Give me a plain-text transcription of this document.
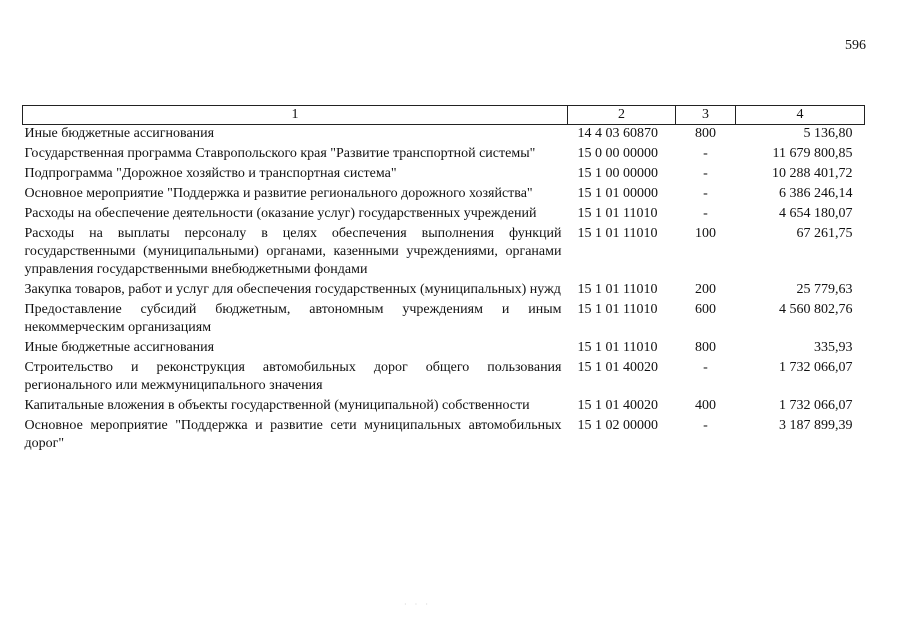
596
1	2	3	4
Иные бюджетные ассигнования	14 4 03 60870	800	5 136,80
Государственная программа Ставропольского края "Развитие транспортной системы"	15 0 00 00000	-	11 679 800,85
Подпрограмма "Дорожное хозяйство и транспортная система"	15 1 00 00000	-	10 288 401,72
Основное мероприятие "Поддержка и развитие регионального дорожного хозяйства"	15 1 01 00000	-	6 386 246,14
Расходы на обеспечение деятельности (оказание услуг) государственных учреждений	15 1 01 11010	-	4 654 180,07
Расходы на выплаты персоналу в целях обеспечения выполнения функций государственными (муниципальными) органами, казенными учреждениями, органами управления государственными внебюджетными фондами	15 1 01 11010	100	67 261,75
Закупка товаров, работ и услуг для обеспечения государственных (муниципальных) нужд	15 1 01 11010	200	25 779,63
Предоставление субсидий бюджетным, автономным учреждениям и иным некоммерческим организациям	15 1 01 11010	600	4 560 802,76
Иные бюджетные ассигнования	15 1 01 11010	800	335,93
Строительство и реконструкция автомобильных дорог общего пользования регионального или межмуниципального значения	15 1 01 40020	-	1 732 066,07
Капитальные вложения в объекты государственной (муниципальной) собственности	15 1 01 40020	400	1 732 066,07
Основное мероприятие "Поддержка и развитие сети муниципальных автомобильных дорог"	15 1 02 00000	-	3 187 899,39
· · ·
